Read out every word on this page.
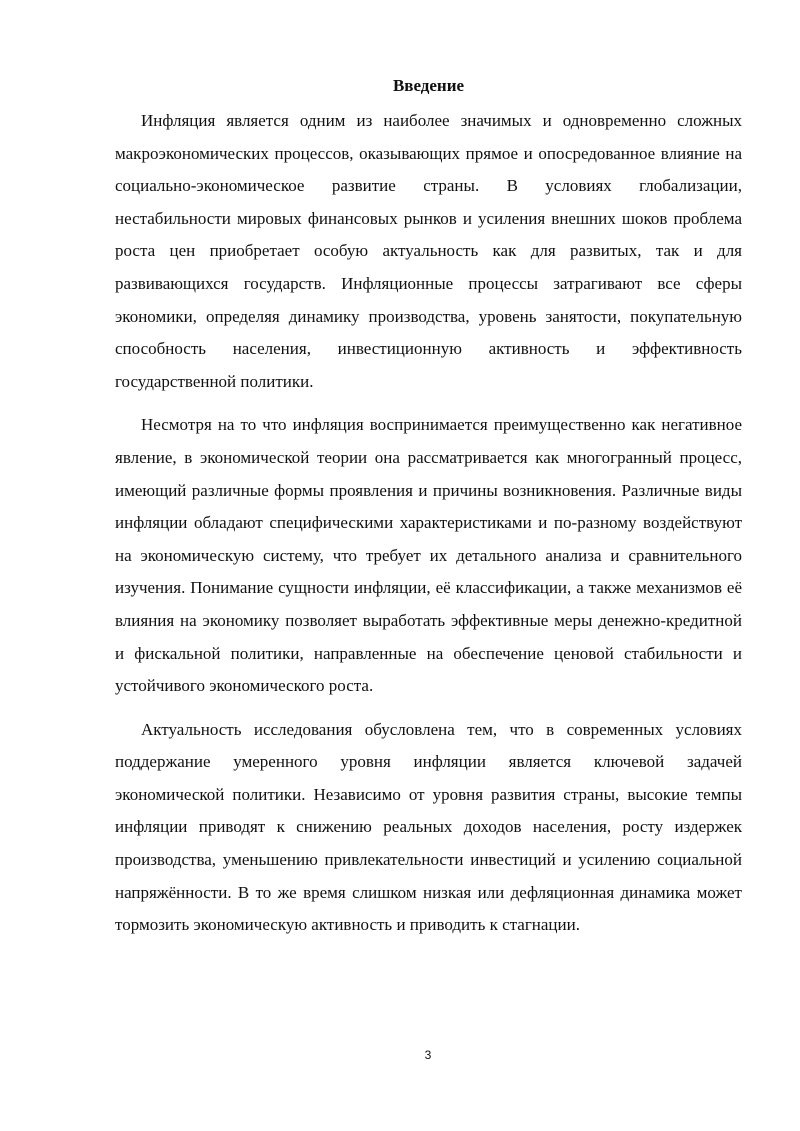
Введение

Инфляция является одним из наиболее значимых и одновременно сложных макроэкономических процессов, оказывающих прямое и опосредованное влияние на социально-экономическое развитие страны. В условиях глобализации, нестабильности мировых финансовых рынков и усиления внешних шоков проблема роста цен приобретает особую актуальность как для развитых, так и для развивающихся государств. Инфляционные процессы затрагивают все сферы экономики, определяя динамику производства, уровень занятости, покупательную способность населения, инвестиционную активность и эффективность государственной политики.

Несмотря на то что инфляция воспринимается преимущественно как негативное явление, в экономической теории она рассматривается как многогранный процесс, имеющий различные формы проявления и причины возникновения. Различные виды инфляции обладают специфическими характеристиками и по-разному воздействуют на экономическую систему, что требует их детального анализа и сравнительного изучения. Понимание сущности инфляции, её классификации, а также механизмов её влияния на экономику позволяет выработать эффективные меры денежно-кредитной и фискальной политики, направленные на обеспечение ценовой стабильности и устойчивого экономического роста.

Актуальность исследования обусловлена тем, что в современных условиях поддержание умеренного уровня инфляции является ключевой задачей экономической политики. Независимо от уровня развития страны, высокие темпы инфляции приводят к снижению реальных доходов населения, росту издержек производства, уменьшению привлекательности инвестиций и усилению социальной напряжённости. В то же время слишком низкая или дефляционная динамика может тормозить экономическую активность и приводить к стагнации.

3
